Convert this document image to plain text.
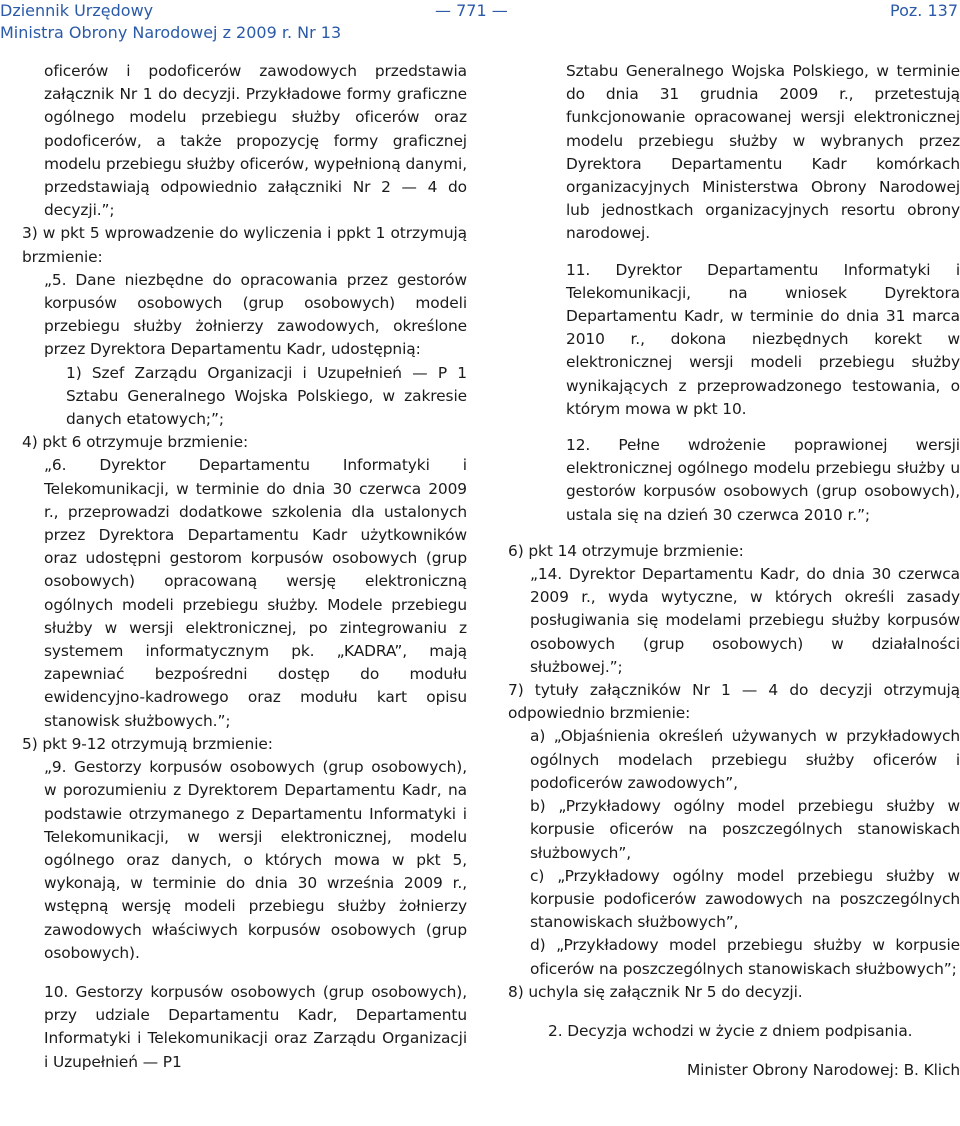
Dziennik Urzędowy
Ministra Obrony Narodowej z 2009 r. Nr 13
— 771 —	Poz. 137
oficerów i podoficerów zawodowych przedstawia załącznik Nr 1 do decyzji. Przykładowe formy graficzne ogólnego modelu przebiegu służby oficerów oraz podoficerów, a także propozycję formy graficznej modelu przebiegu służby oficerów, wypełnioną danymi, przedstawiają odpowiednio załączniki Nr 2 — 4 do decyzji.”;
3) w pkt 5 wprowadzenie do wyliczenia i ppkt 1 otrzymują brzmienie:
„5. Dane niezbędne do opracowania przez gestorów korpusów osobowych (grup osobowych) modeli przebiegu służby żołnierzy zawodowych, określone przez Dyrektora Departamentu Kadr, udostępnią:
1) Szef Zarządu Organizacji i Uzupełnień — P 1 Sztabu Generalnego Wojska Polskiego, w zakresie danych etatowych;”;
4) pkt 6 otrzymuje brzmienie:
„6. Dyrektor Departamentu Informatyki i Telekomunikacji, w terminie do dnia 30 czerwca 2009 r., przeprowadzi dodatkowe szkolenia dla ustalonych przez Dyrektora Departamentu Kadr użytkowników oraz udostępni gestorom korpusów osobowych (grup osobowych) opracowaną wersję elektroniczną ogólnych modeli przebiegu służby. Modele przebiegu służby w wersji elektronicznej, po zintegrowaniu z systemem informatycznym pk. „KADRA”, mają zapewniać bezpośredni dostęp do modułu ewidencyjno-kadrowego oraz modułu kart opisu stanowisk służbowych.”;
5) pkt 9-12 otrzymują brzmienie:
„9. Gestorzy korpusów osobowych (grup osobowych), w porozumieniu z Dyrektorem Departamentu Kadr, na podstawie otrzymanego z Departamentu Informatyki i Telekomunikacji, w wersji elektronicznej, modelu ogólnego oraz danych, o których mowa w pkt 5, wykonają, w terminie do dnia 30 września 2009 r., wstępną wersję modeli przebiegu służby żołnierzy zawodowych właściwych korpusów osobowych (grup osobowych).
10. Gestorzy korpusów osobowych (grup osobowych), przy udziale Departamentu Kadr, Departamentu Informatyki i Telekomunikacji oraz Zarządu Organizacji i Uzupełnień — P1
Sztabu Generalnego Wojska Polskiego, w terminie do dnia 31 grudnia 2009 r., przetestują funkcjonowanie opracowanej wersji elektronicznej modelu przebiegu służby w wybranych przez Dyrektora Departamentu Kadr komórkach organizacyjnych Ministerstwa Obrony Narodowej lub jednostkach organizacyjnych resortu obrony narodowej.
11. Dyrektor Departamentu Informatyki i Telekomunikacji, na wniosek Dyrektora Departamentu Kadr, w terminie do dnia 31 marca 2010 r., dokona niezbędnych korekt w elektronicznej wersji modeli przebiegu służby wynikających z przeprowadzonego testowania, o którym mowa w pkt 10.
12. Pełne wdrożenie poprawionej wersji elektronicznej ogólnego modelu przebiegu służby u gestorów korpusów osobowych (grup osobowych), ustala się na dzień 30 czerwca 2010 r.”;
6) pkt 14 otrzymuje brzmienie:
„14. Dyrektor Departamentu Kadr, do dnia 30 czerwca 2009 r., wyda wytyczne, w których określi zasady posługiwania się modelami przebiegu służby korpusów osobowych (grup osobowych) w działalności służbowej.”;
7) tytuły załączników Nr 1 — 4 do decyzji otrzymują odpowiednio brzmienie:
a) „Objaśnienia określeń używanych w przykładowych ogólnych modelach przebiegu służby oficerów i podoficerów zawodowych”,
b) „Przykładowy ogólny model przebiegu służby w korpusie oficerów na poszczególnych stanowiskach służbowych”,
c) „Przykładowy ogólny model przebiegu służby w korpusie podoficerów zawodowych na poszczególnych stanowiskach służbowych”,
d) „Przykładowy model przebiegu służby w korpusie oficerów na poszczególnych stanowiskach służbowych”;
8) uchyla się załącznik Nr 5 do decyzji.
2. Decyzja wchodzi w życie z dniem podpisania.
Minister Obrony Narodowej: B. Klich
